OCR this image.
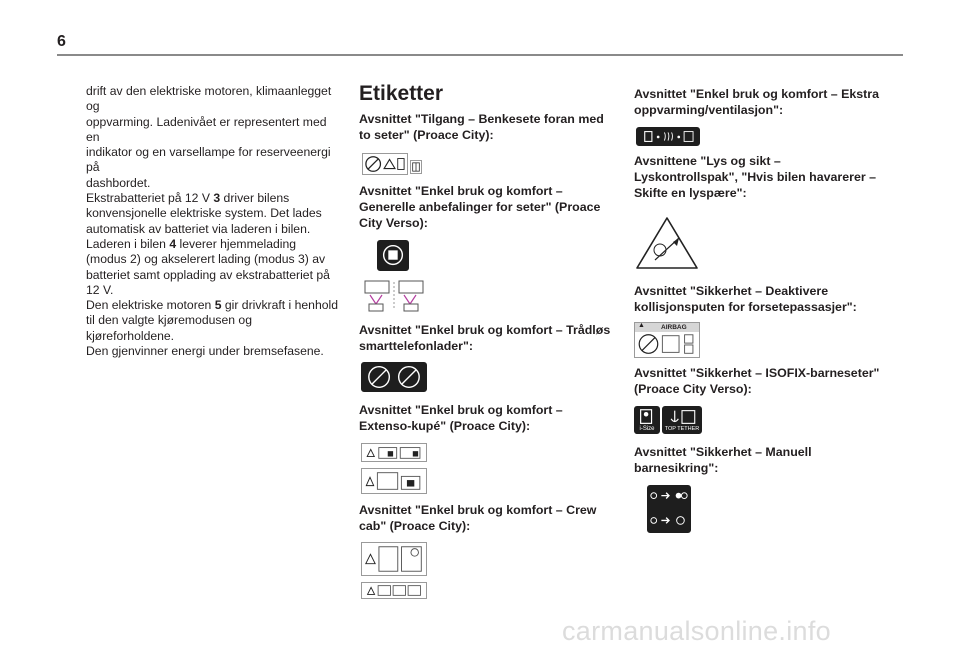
6

drift av den elektriske motoren, klimaanlegget og

oppvarming. Ladenivået er representert med en

indikator og en varsellampe for reserveenergi på

dashbordet.

Ekstrabatteriet på 12 V 3 driver bilens

konvensjonelle elektriske system. Det lades

automatisk av batteriet via laderen i bilen.

Laderen i bilen 4 leverer hjemmelading

(modus 2) og akselerert lading (modus 3) av

batteriet samt opplading av ekstrabatteriet på

12 V.

Den elektriske motoren 5 gir drivkraft i henhold

til den valgte kjøremodusen og kjøreforholdene.

Den gjenvinner energi under bremsefasene.

Etiketter
Avsnittet "Tilgang – Benkesete foran med
to seter" (Proace City):
Avsnittet "Enkel bruk og komfort –
Generelle anbefalinger for seter" (Proace
City Verso):
Avsnittet "Enkel bruk og komfort – Trådløs
smarttelefonlader":
Avsnittet "Enkel bruk og komfort –
Extenso-kupé" (Proace City):
Avsnittet "Enkel bruk og komfort – Crew
cab" (Proace City):
Avsnittet "Enkel bruk og komfort – Ekstra
oppvarming/ventilasjon":
Avsnittene "Lys og sikt –
Lyskontrollspak", "Hvis bilen havarerer –
Skifte en lyspære":
Avsnittet "Sikkerhet – Deaktivere
kollisjonsputen for forsetepassasjer":
▲ AIRBAG
Avsnittet "Sikkerhet – ISOFIX-barneseter"
(Proace City Verso):
i-Size	TOP TETHER
Avsnittet "Sikkerhet – Manuell
barnesikring":
carmanualsonline.info
